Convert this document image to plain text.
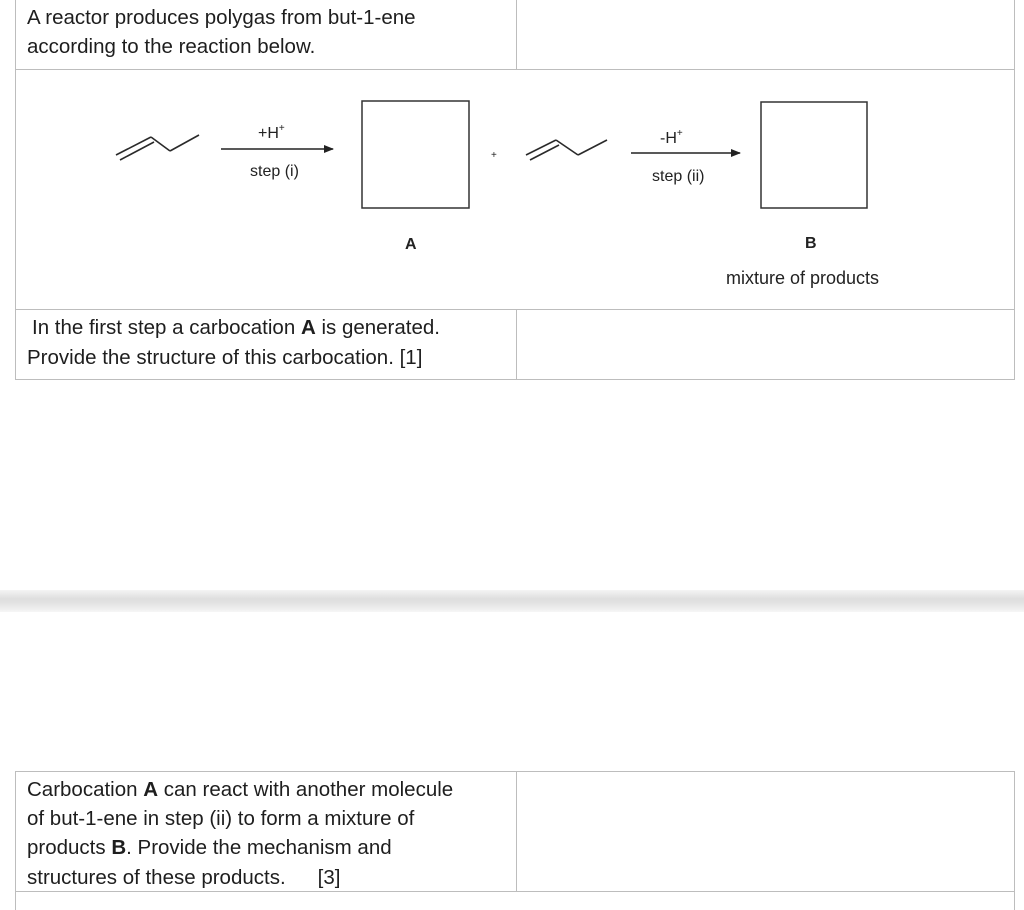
A reactor produces polygas from but-1-ene
according to the reaction below.
+H+
step (i)
A
+
-H+
step (ii)
B
mixture of products
In the first step a carbocation A is generated.
Provide the structure of this carbocation. [1]
Carbocation A can react with another molecule
of but-1-ene in step (ii) to form a mixture of
products B. Provide the mechanism and
structures of these products. [3]
